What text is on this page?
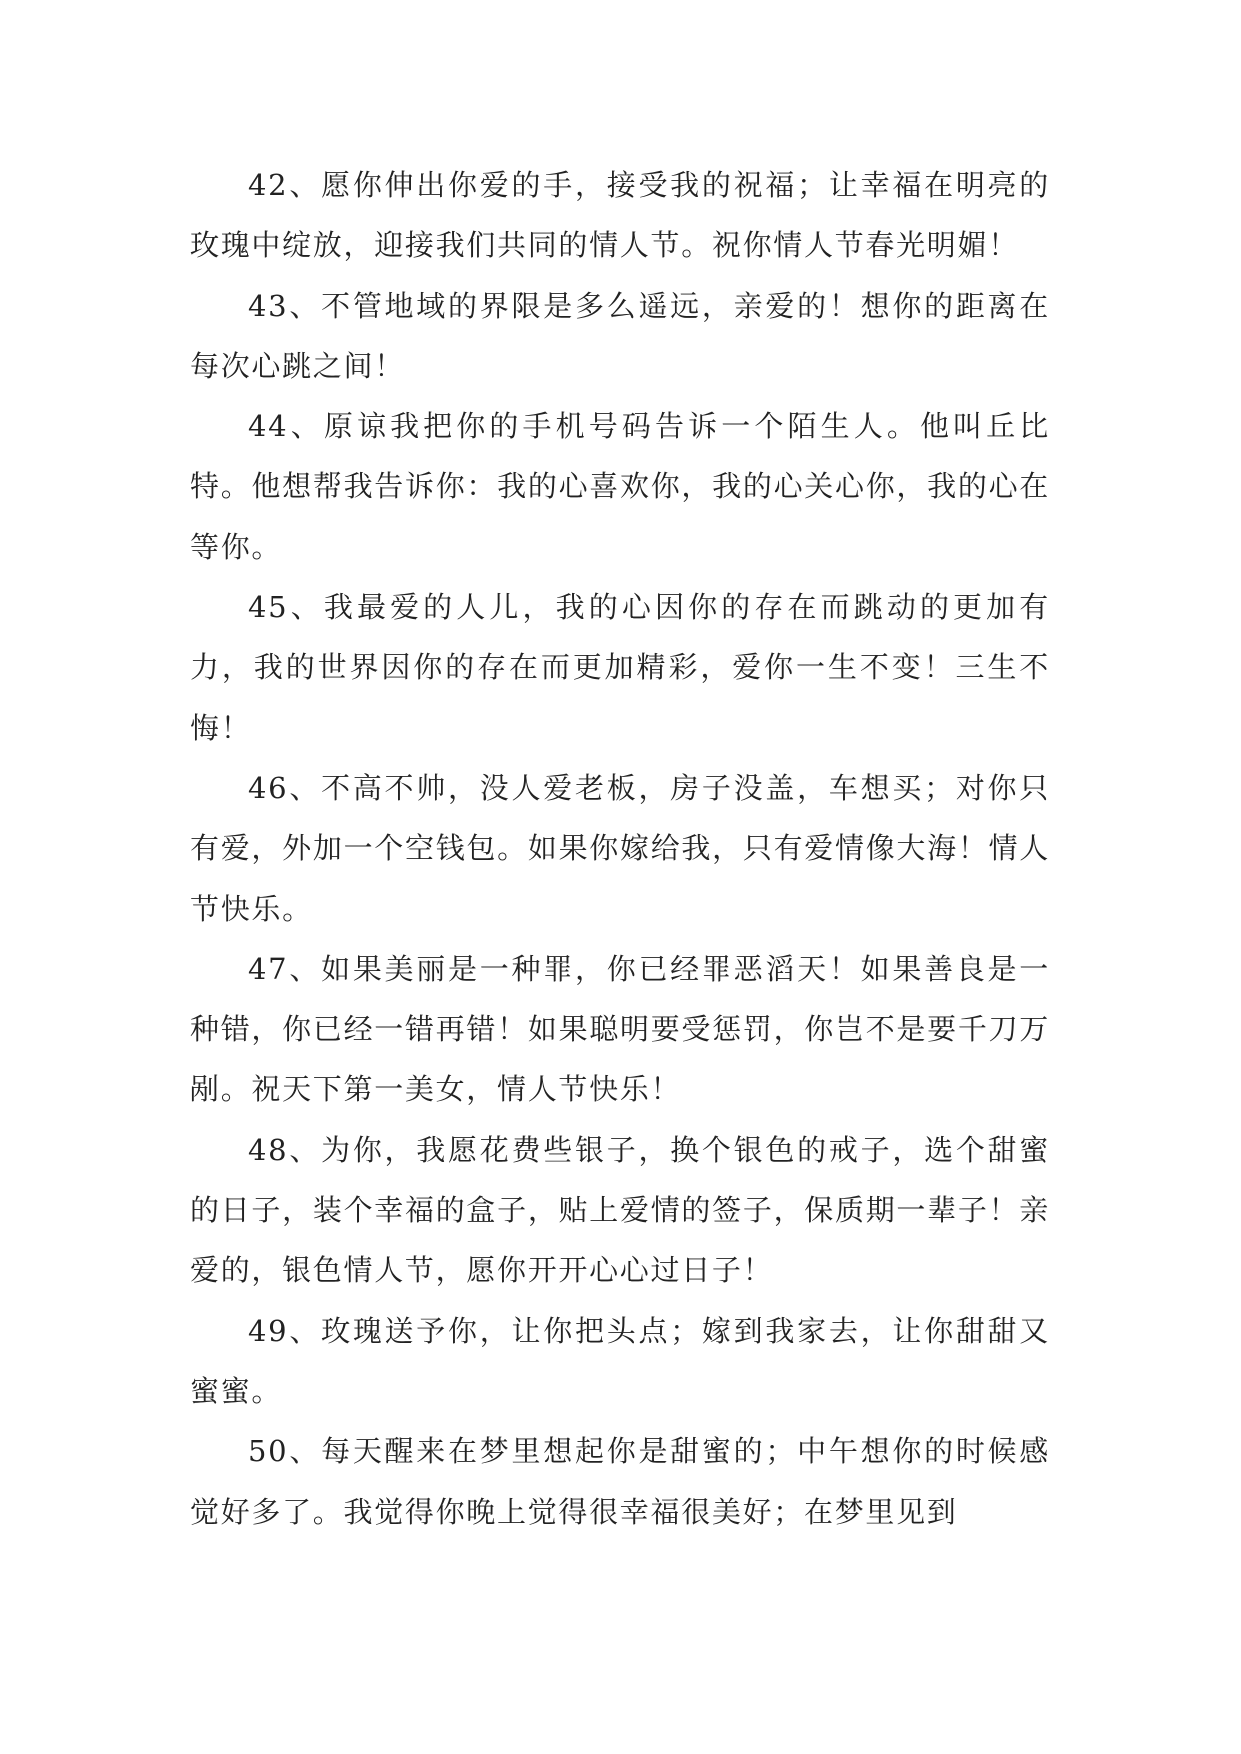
42、愿你伸出你爱的手，接受我的祝福；让幸福在明亮的玫瑰中绽放，迎接我们共同的情人节。祝你情人节春光明媚！

43、不管地域的界限是多么遥远，亲爱的！想你的距离在每次心跳之间！

44、原谅我把你的手机号码告诉一个陌生人。他叫丘比特。他想帮我告诉你：我的心喜欢你，我的心关心你，我的心在等你。

45、我最爱的人儿，我的心因你的存在而跳动的更加有力，我的世界因你的存在而更加精彩，爱你一生不变！三生不悔！

46、不高不帅，没人爱老板，房子没盖，车想买；对你只有爱，外加一个空钱包。如果你嫁给我，只有爱情像大海！情人节快乐。

47、如果美丽是一种罪，你已经罪恶滔天！如果善良是一种错，你已经一错再错！如果聪明要受惩罚，你岂不是要千刀万剐。祝天下第一美女，情人节快乐！

48、为你，我愿花费些银子，换个银色的戒子，选个甜蜜的日子，装个幸福的盒子，贴上爱情的签子，保质期一辈子！亲爱的，银色情人节，愿你开开心心过日子！

49、玫瑰送予你，让你把头点；嫁到我家去，让你甜甜又蜜蜜。

50、每天醒来在梦里想起你是甜蜜的；中午想你的时候感觉好多了。我觉得你晚上觉得很幸福很美好；在梦里见到
